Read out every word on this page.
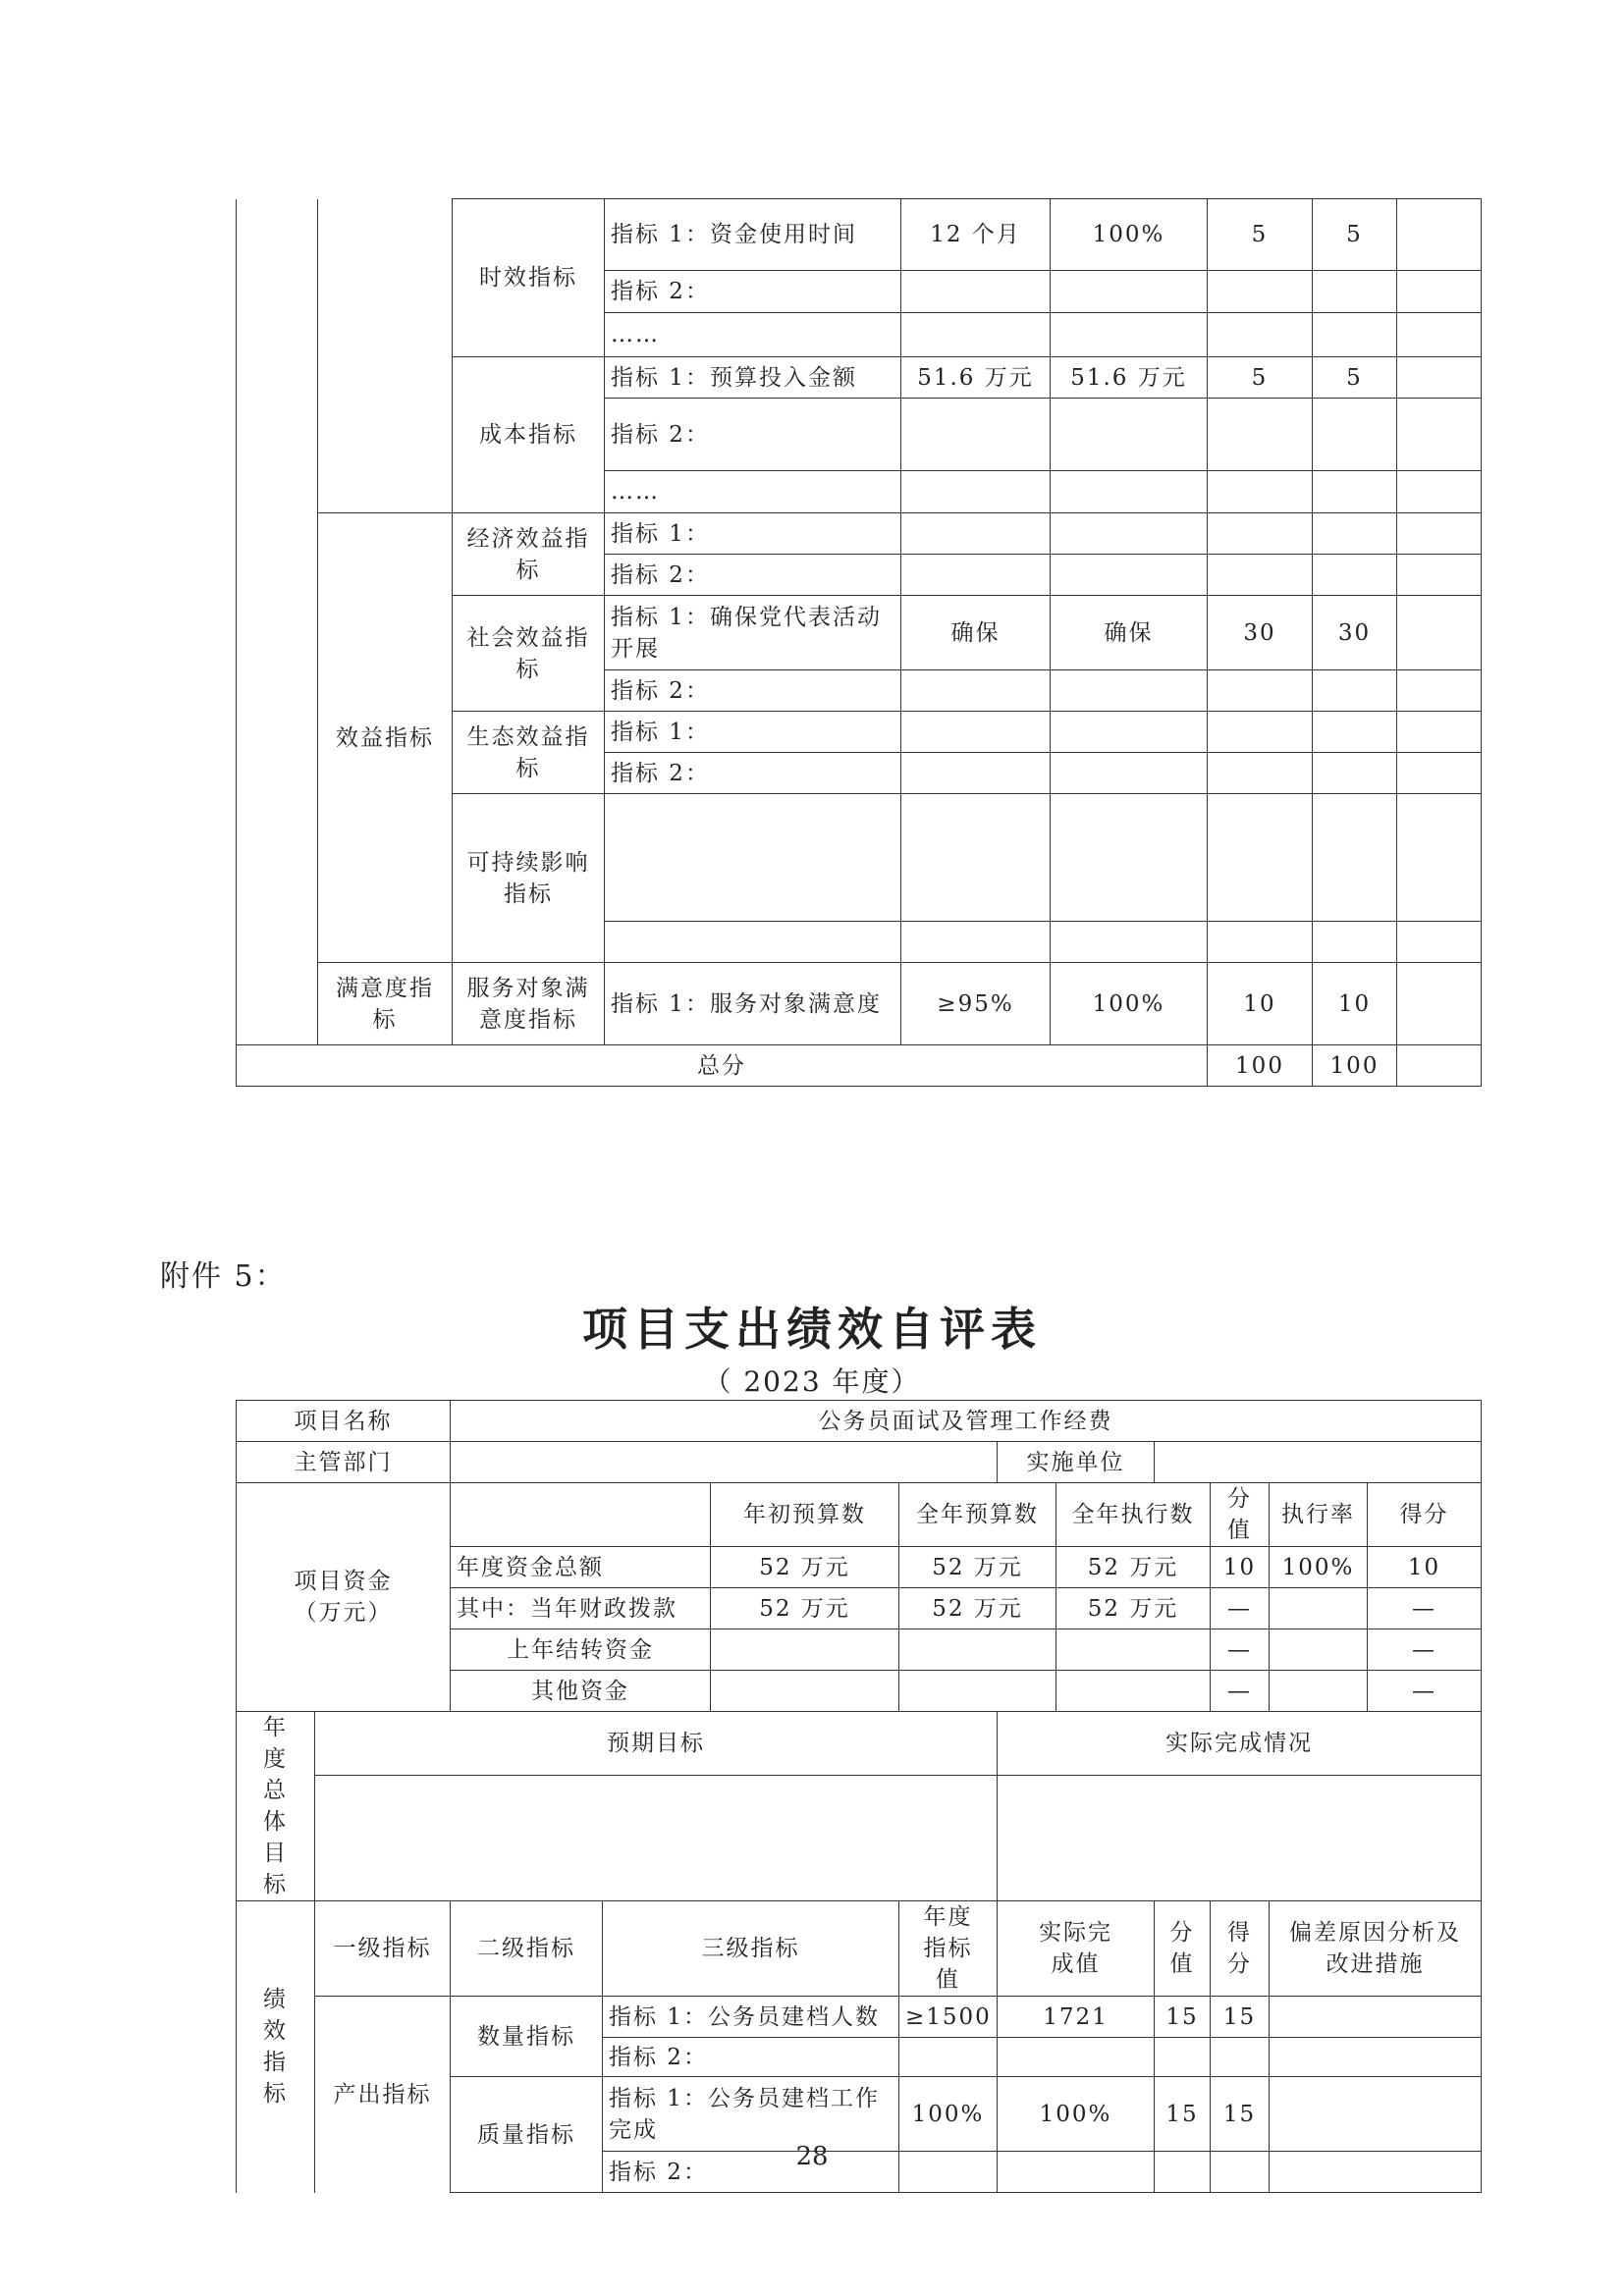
		时效指标	指标 1：资金使用时间	12 个月	100%	5	5	
			指标 2：					
			……					
		成本指标	指标 1：预算投入金额	51.6 万元	51.6 万元	5	5	
			指标 2：					
			……					
	效益指标	经济效益指标	指标 1：					
			指标 2：					
		社会效益指标	指标 1：确保党代表活动开展	确保	确保	30	30	
			指标 2：					
		生态效益指标	指标 1：					
			指标 2：					
		可持续影响指标						

	满意度指标	服务对象满意度指标	指标 1：服务对象满意度	≥95%	100%	10	10	
总分						100	100	
附件 5：
项目支出绩效自评表
（ 2023 年度）
项目名称		公务员面试及管理工作经费									
主管部门						实施单位					
项目资金（万元）				年初预算数	全年预算数		全年执行数		分值	执行率	得分
		年度资金总额		52 万元	52 万元		52 万元		10	100%	10
		其中：当年财政拨款		52 万元	52 万元		52 万元		—		—
		上年结转资金							—		—
		其他资金							—		—
年度总体目标	预期目标					实际完成情况					

绩效指标	一级指标	二级指标	三级指标		年度指标值	实际完成值		分值	得分	偏差原因分析及改进措施	
	产出指标	数量指标	指标 1：公务员建档人数		≥1500	1721		15	15		
			指标 2：								
		质量指标	指标 1：公务员建档工作完成		100%	100%		15	15		
			指标 2：								
28
